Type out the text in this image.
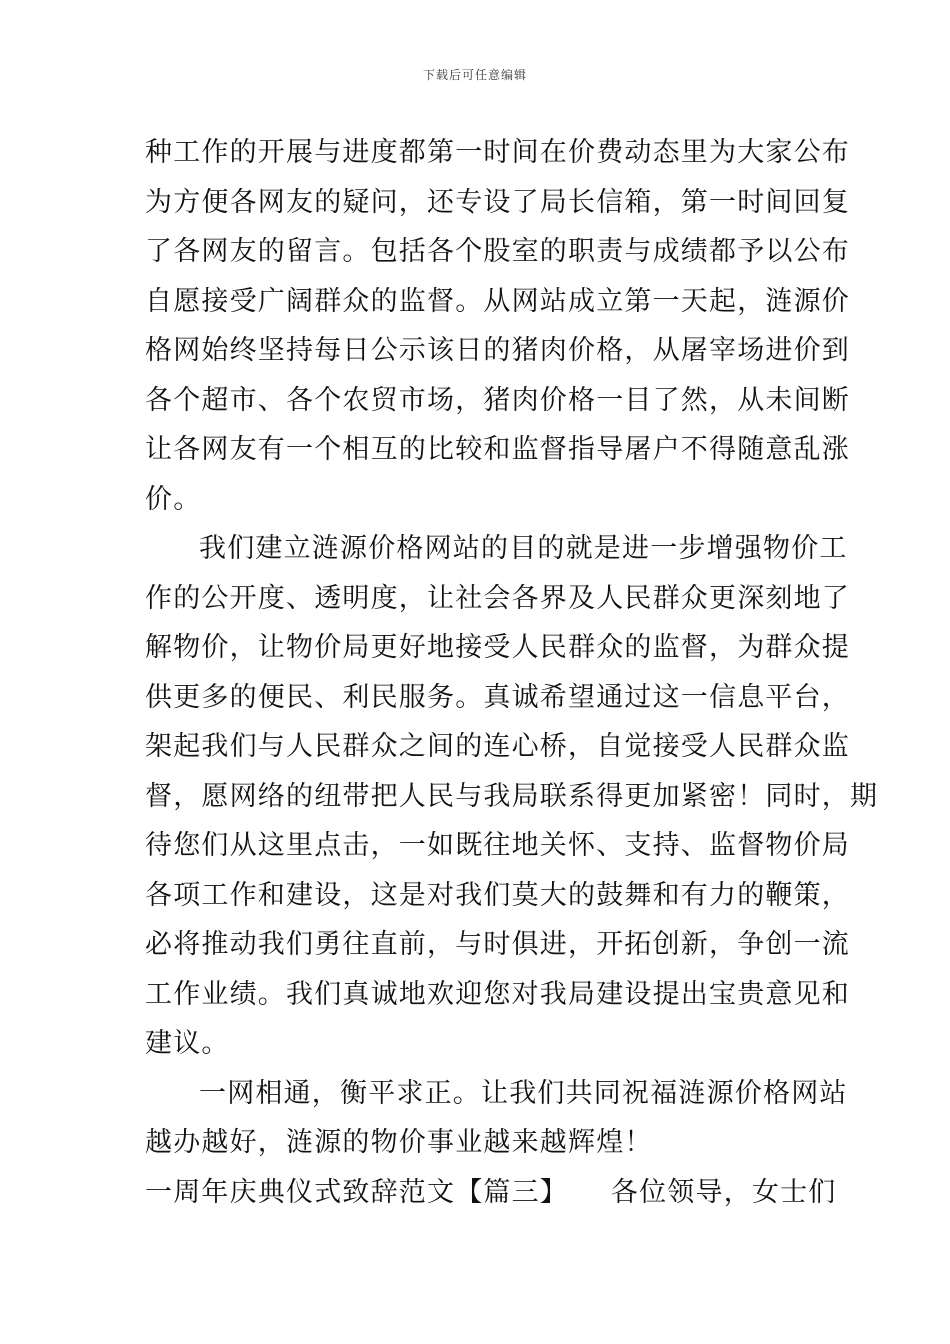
下载后可任意编辑
种工作的开展与进度都第一时间在价费动态里为大家公布
为方便各网友的疑问，还专设了局长信箱，第一时间回复
了各网友的留言。包括各个股室的职责与成绩都予以公布
自愿接受广阔群众的监督。从网站成立第一天起，涟源价
格网始终坚持每日公示该日的猪肉价格，从屠宰场进价到
各个超市、各个农贸市场，猪肉价格一目了然，从未间断
让各网友有一个相互的比较和监督指导屠户不得随意乱涨
价。
我们建立涟源价格网站的目的就是进一步增强物价工
作的公开度、透明度，让社会各界及人民群众更深刻地了
解物价，让物价局更好地接受人民群众的监督，为群众提
供更多的便民、利民服务。真诚希望通过这一信息平台，
架起我们与人民群众之间的连心桥，自觉接受人民群众监
督，愿网络的纽带把人民与我局联系得更加紧密！同时，期
待您们从这里点击，一如既往地关怀、支持、监督物价局
各项工作和建设，这是对我们莫大的鼓舞和有力的鞭策，
必将推动我们勇往直前，与时俱进，开拓创新，争创一流
工作业绩。我们真诚地欢迎您对我局建设提出宝贵意见和
建议。
一网相通，衡平求正。让我们共同祝福涟源价格网站
越办越好，涟源的物价事业越来越辉煌！
一周年庆典仪式致辞范文【篇三】　　各位领导，女士们
